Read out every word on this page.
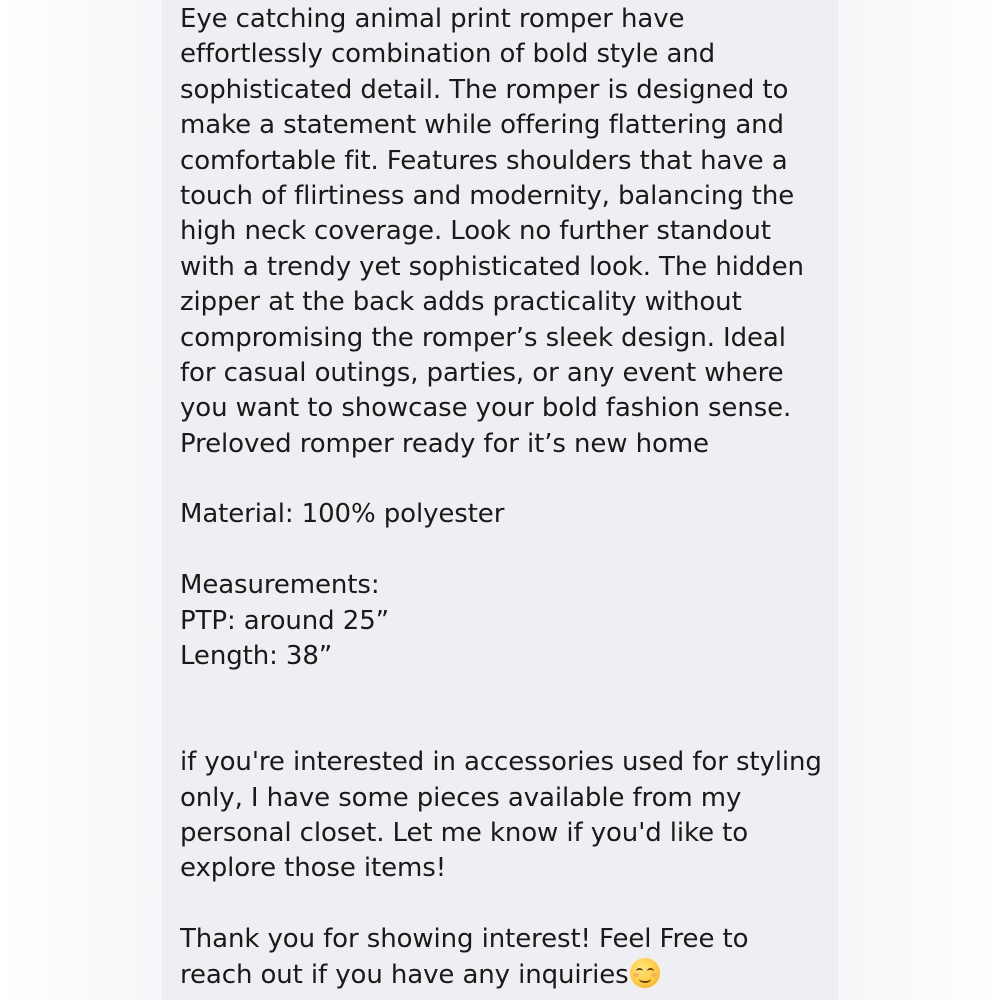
Eye catching animal print romper have
effortlessly combination of bold style and
sophisticated detail. The romper is designed to
make a statement while offering flattering and
comfortable fit. Features shoulders that have a
touch of flirtiness and modernity, balancing the
high neck coverage. Look no further standout
with a trendy yet sophisticated look. The hidden
zipper at the back adds practicality without
compromising the romper’s sleek design. Ideal
for casual outings, parties, or any event where
you want to showcase your bold fashion sense.
Preloved romper ready for it’s new home
Material: 100% polyester
Measurements:
PTP: around 25”
Length: 38”
if you're interested in accessories used for styling
only, I have some pieces available from my
personal closet. Let me know if you'd like to
explore those items!
Thank you for showing interest! Feel Free to
reach out if you have any inquiries
